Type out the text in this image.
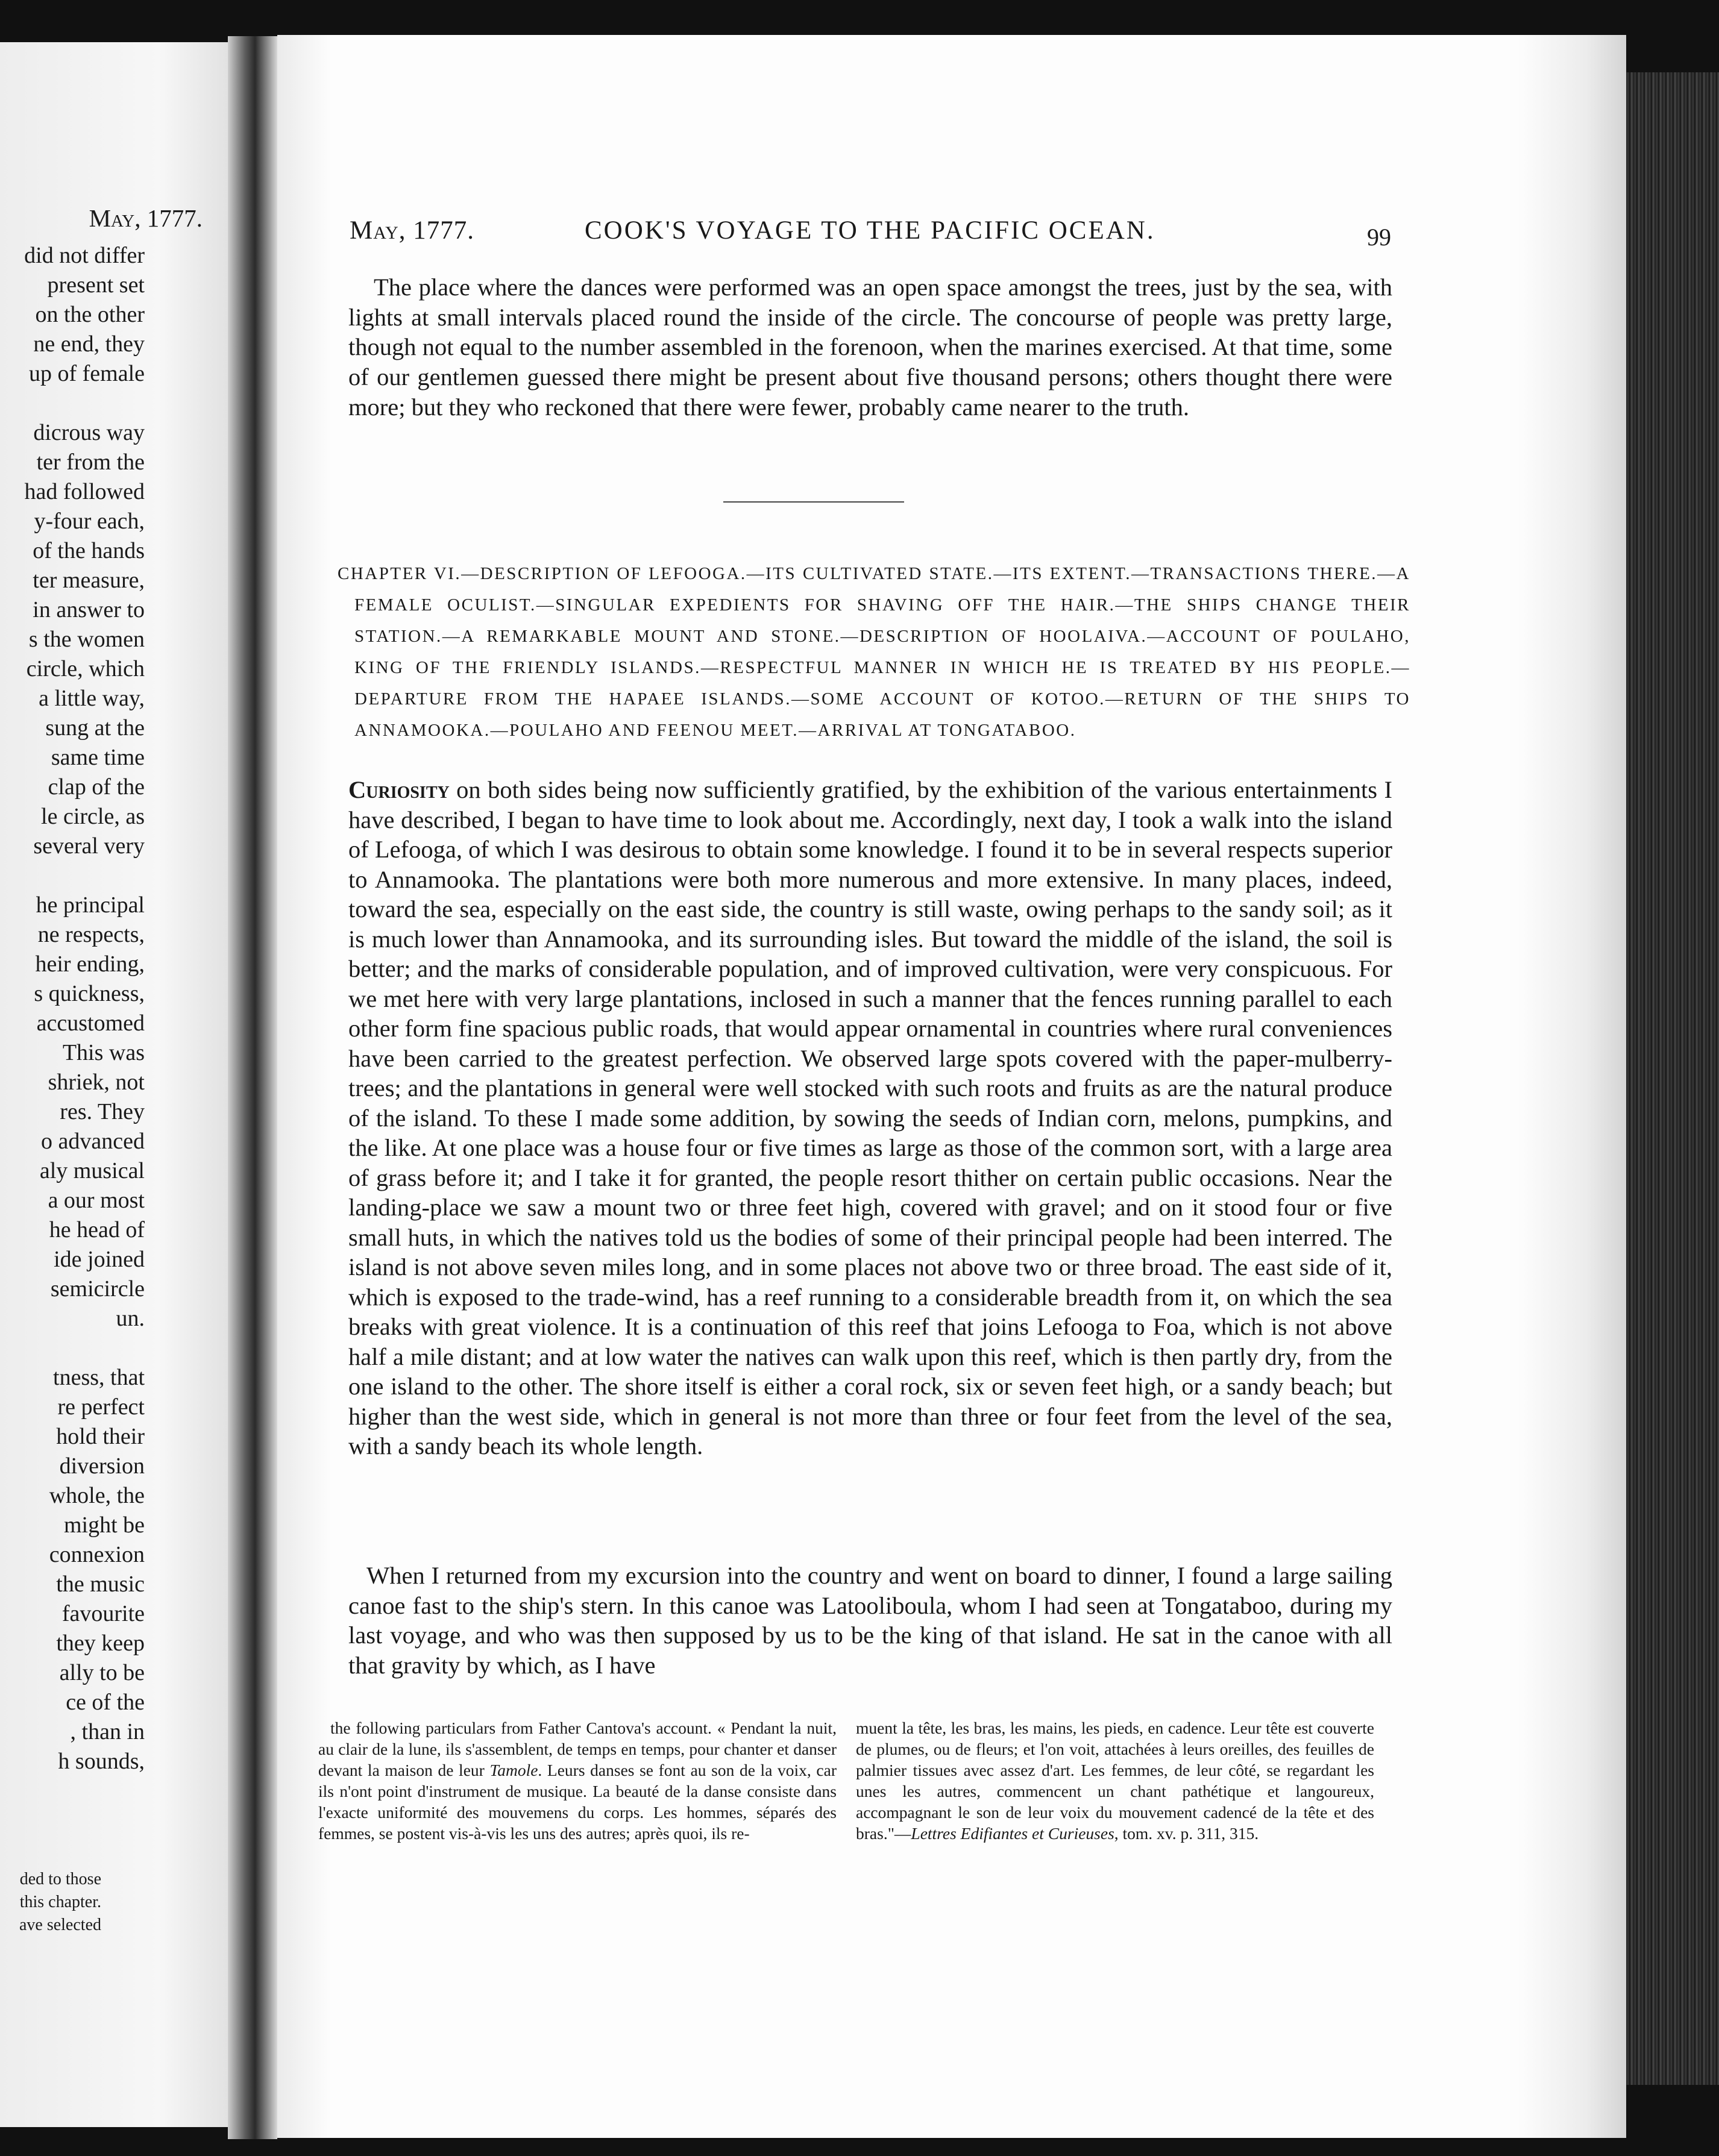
May, 1777.
did not differ
present set
on the other
ne end, they
up of female

dicrous way
ter from the
had followed
y-four each,
of the hands
ter measure,
in answer to
s the women
circle, which
a little way,
sung at the
same time
clap of the
le circle, as
several very

he principal
ne respects,
heir ending,
s quickness,
accustomed
This was
shriek, not
res. They
o advanced
aly musical
a our most
he head of
ide joined
semicircle
un.

tness, that
re perfect
hold their
diversion
whole, the
might be
connexion
the music
favourite
they keep
ally to be
ce of the
, than in
h sounds,
ded to those
this chapter.
ave selected
May, 1777.	COOK'S VOYAGE TO THE PACIFIC OCEAN.	99

The place where the dances were performed was an open space amongst the trees, just by the sea, with lights at small intervals placed round the inside of the circle. The concourse of people was pretty large, though not equal to the number assembled in the forenoon, when the marines exercised. At that time, some of our gentlemen guessed there might be present about five thousand persons; others thought there were more; but they who reckoned that there were fewer, probably came nearer to the truth.

CHAPTER VI.—DESCRIPTION OF LEFOOGA.—ITS CULTIVATED STATE.—ITS EXTENT.—TRANSACTIONS THERE.—A FEMALE OCULIST.—SINGULAR EXPEDIENTS FOR SHAVING OFF THE HAIR.—THE SHIPS CHANGE THEIR STATION.—A REMARKABLE MOUNT AND STONE.—DESCRIPTION OF HOOLAIVA.—ACCOUNT OF POULAHO, KING OF THE FRIENDLY ISLANDS.—RESPECTFUL MANNER IN WHICH HE IS TREATED BY HIS PEOPLE.—DEPARTURE FROM THE HAPAEE ISLANDS.—SOME ACCOUNT OF KOTOO.—RETURN OF THE SHIPS TO ANNAMOOKA.—POULAHO AND FEENOU MEET.—ARRIVAL AT TONGATABOO.

Curiosity on both sides being now sufficiently gratified, by the exhibition of the various entertainments I have described, I began to have time to look about me. Accordingly, next day, I took a walk into the island of Lefooga, of which I was desirous to obtain some knowledge. I found it to be in several respects superior to Annamooka. The plantations were both more numerous and more extensive. In many places, indeed, toward the sea, especially on the east side, the country is still waste, owing perhaps to the sandy soil; as it is much lower than Annamooka, and its surrounding isles. But toward the middle of the island, the soil is better; and the marks of considerable population, and of improved cultivation, were very conspicuous. For we met here with very large plantations, inclosed in such a manner that the fences running parallel to each other form fine spacious public roads, that would appear ornamental in countries where rural conveniences have been carried to the greatest perfection. We observed large spots covered with the paper-mulberry-trees; and the plantations in general were well stocked with such roots and fruits as are the natural produce of the island. To these I made some addition, by sowing the seeds of Indian corn, melons, pumpkins, and the like. At one place was a house four or five times as large as those of the common sort, with a large area of grass before it; and I take it for granted, the people resort thither on certain public occasions. Near the landing-place we saw a mount two or three feet high, covered with gravel; and on it stood four or five small huts, in which the natives told us the bodies of some of their principal people had been interred. The island is not above seven miles long, and in some places not above two or three broad. The east side of it, which is exposed to the trade-wind, has a reef running to a considerable breadth from it, on which the sea breaks with great violence. It is a continuation of this reef that joins Lefooga to Foa, which is not above half a mile distant; and at low water the natives can walk upon this reef, which is then partly dry, from the one island to the other. The shore itself is either a coral rock, six or seven feet high, or a sandy beach; but higher than the west side, which in general is not more than three or four feet from the level of the sea, with a sandy beach its whole length.

When I returned from my excursion into the country and went on board to dinner, I found a large sailing canoe fast to the ship's stern. In this canoe was Latooliboula, whom I had seen at Tongataboo, during my last voyage, and who was then supposed by us to be the king of that island. He sat in the canoe with all that gravity by which, as I have

the following particulars from Father Cantova's account. « Pendant la nuit, au clair de la lune, ils s'assemblent, de temps en temps, pour chanter et danser devant la maison de leur Tamole. Leurs danses se font au son de la voix, car ils n'ont point d'instrument de musique. La beauté de la danse consiste dans l'exacte uniformité des mouvemens du corps. Les hommes, séparés des femmes, se postent vis-à-vis les uns des autres; après quoi, ils re-

muent la tête, les bras, les mains, les pieds, en cadence. Leur tête est couverte de plumes, ou de fleurs; et l'on voit, attachées à leurs oreilles, des feuilles de palmier tissues avec assez d'art. Les femmes, de leur côté, se regardant les unes les autres, commencent un chant pathétique et langoureux, accompagnant le son de leur voix du mouvement cadencé de la tête et des bras."—Lettres Edifiantes et Curieuses, tom. xv. p. 311, 315.
